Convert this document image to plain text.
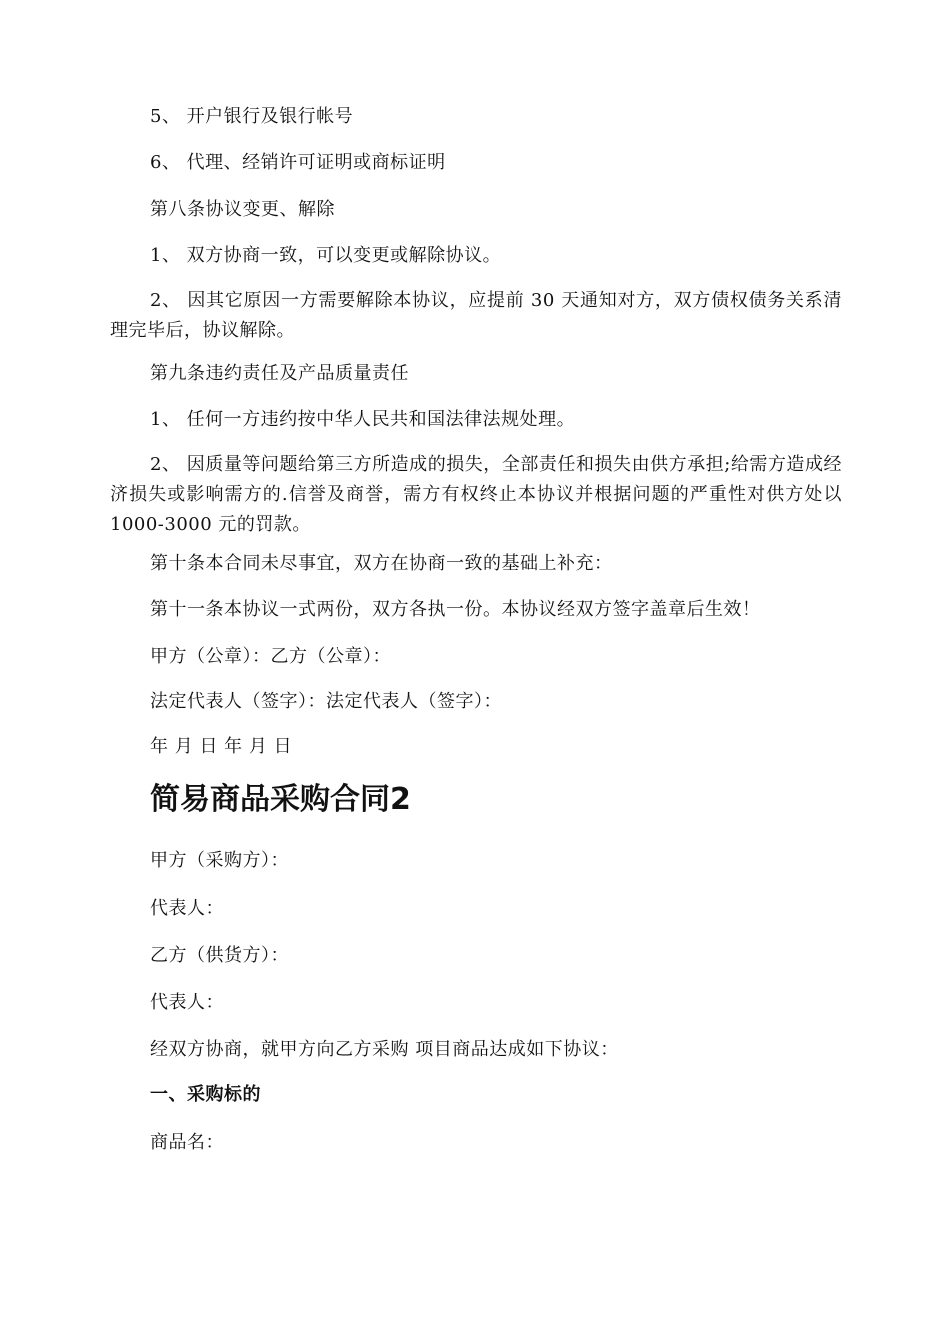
5、 开户银行及银行帐号
6、 代理、经销许可证明或商标证明
第八条协议变更、解除
1、 双方协商一致，可以变更或解除协议。
2、 因其它原因一方需要解除本协议，应提前 30 天通知对方，双方债权债务关系清理完毕后，协议解除。
第九条违约责任及产品质量责任
1、 任何一方违约按中华人民共和国法律法规处理。
2、 因质量等问题给第三方所造成的损失，全部责任和损失由供方承担;给需方造成经济损失或影响需方的.信誉及商誉，需方有权终止本协议并根据问题的严重性对供方处以 1000-3000 元的罚款。
第十条本合同未尽事宜，双方在协商一致的基础上补充：
第十一条本协议一式两份，双方各执一份。本协议经双方签字盖章后生效！
甲方（公章）：乙方（公章）：
法定代表人（签字）：法定代表人（签字）：
年 月 日 年 月 日
简易商品采购合同2
甲方（采购方）：
代表人：
乙方（供货方）：
代表人：
经双方协商，就甲方向乙方采购 项目商品达成如下协议：
一、采购标的
商品名：
